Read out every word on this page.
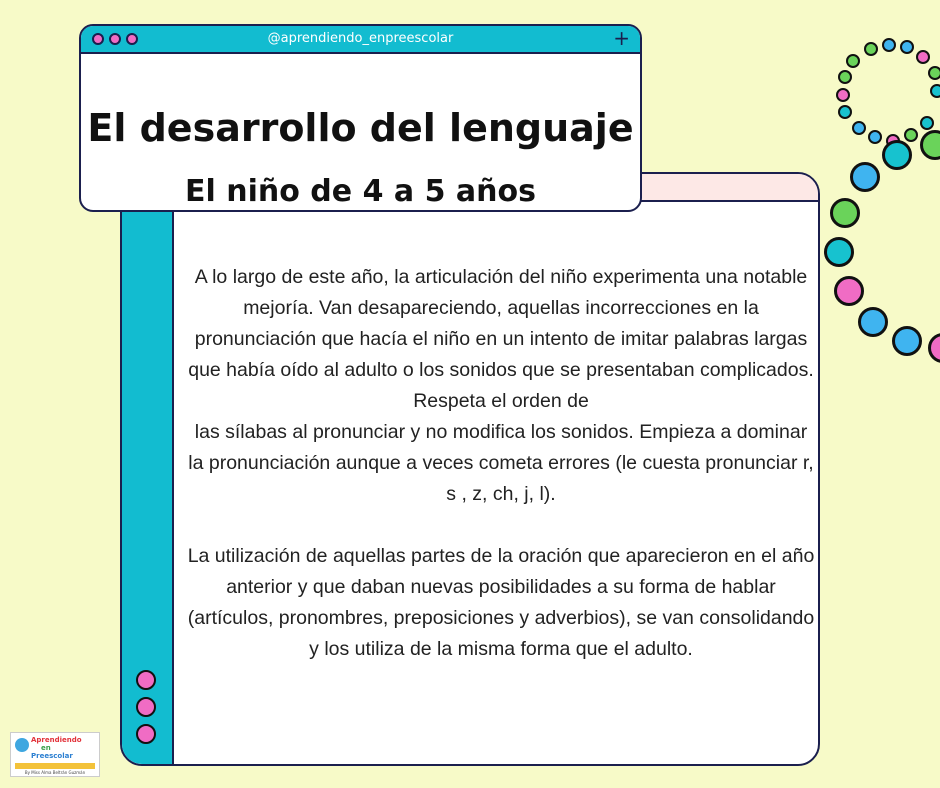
A lo largo de este año, la articulación del niño experimenta una notable mejoría. Van desapareciendo, aquellas incorrecciones en la pronunciación que hacía el niño en un intento de imitar palabras largas que había oído al adulto o los sonidos que se presentaban complicados.

Respeta el orden de

las sílabas al pronunciar y no modifica los sonidos. Empieza a dominar la pronunciación aunque a veces cometa errores (le cuesta pronunciar r, s , z, ch, j, l).

La utilización de aquellas partes de la oración que aparecieron en el año anterior y que daban nuevas posibilidades a su forma de hablar (artículos, pronombres, preposiciones y adverbios), se van consolidando y los utiliza de la misma forma que el adulto.

@aprendiendo_enpreescolar	+
El desarrollo del lenguaje
El niño de 4 a 5 años
Aprendiendo
en
Preescolar
By Miss Alma Beltrán Guzmán
